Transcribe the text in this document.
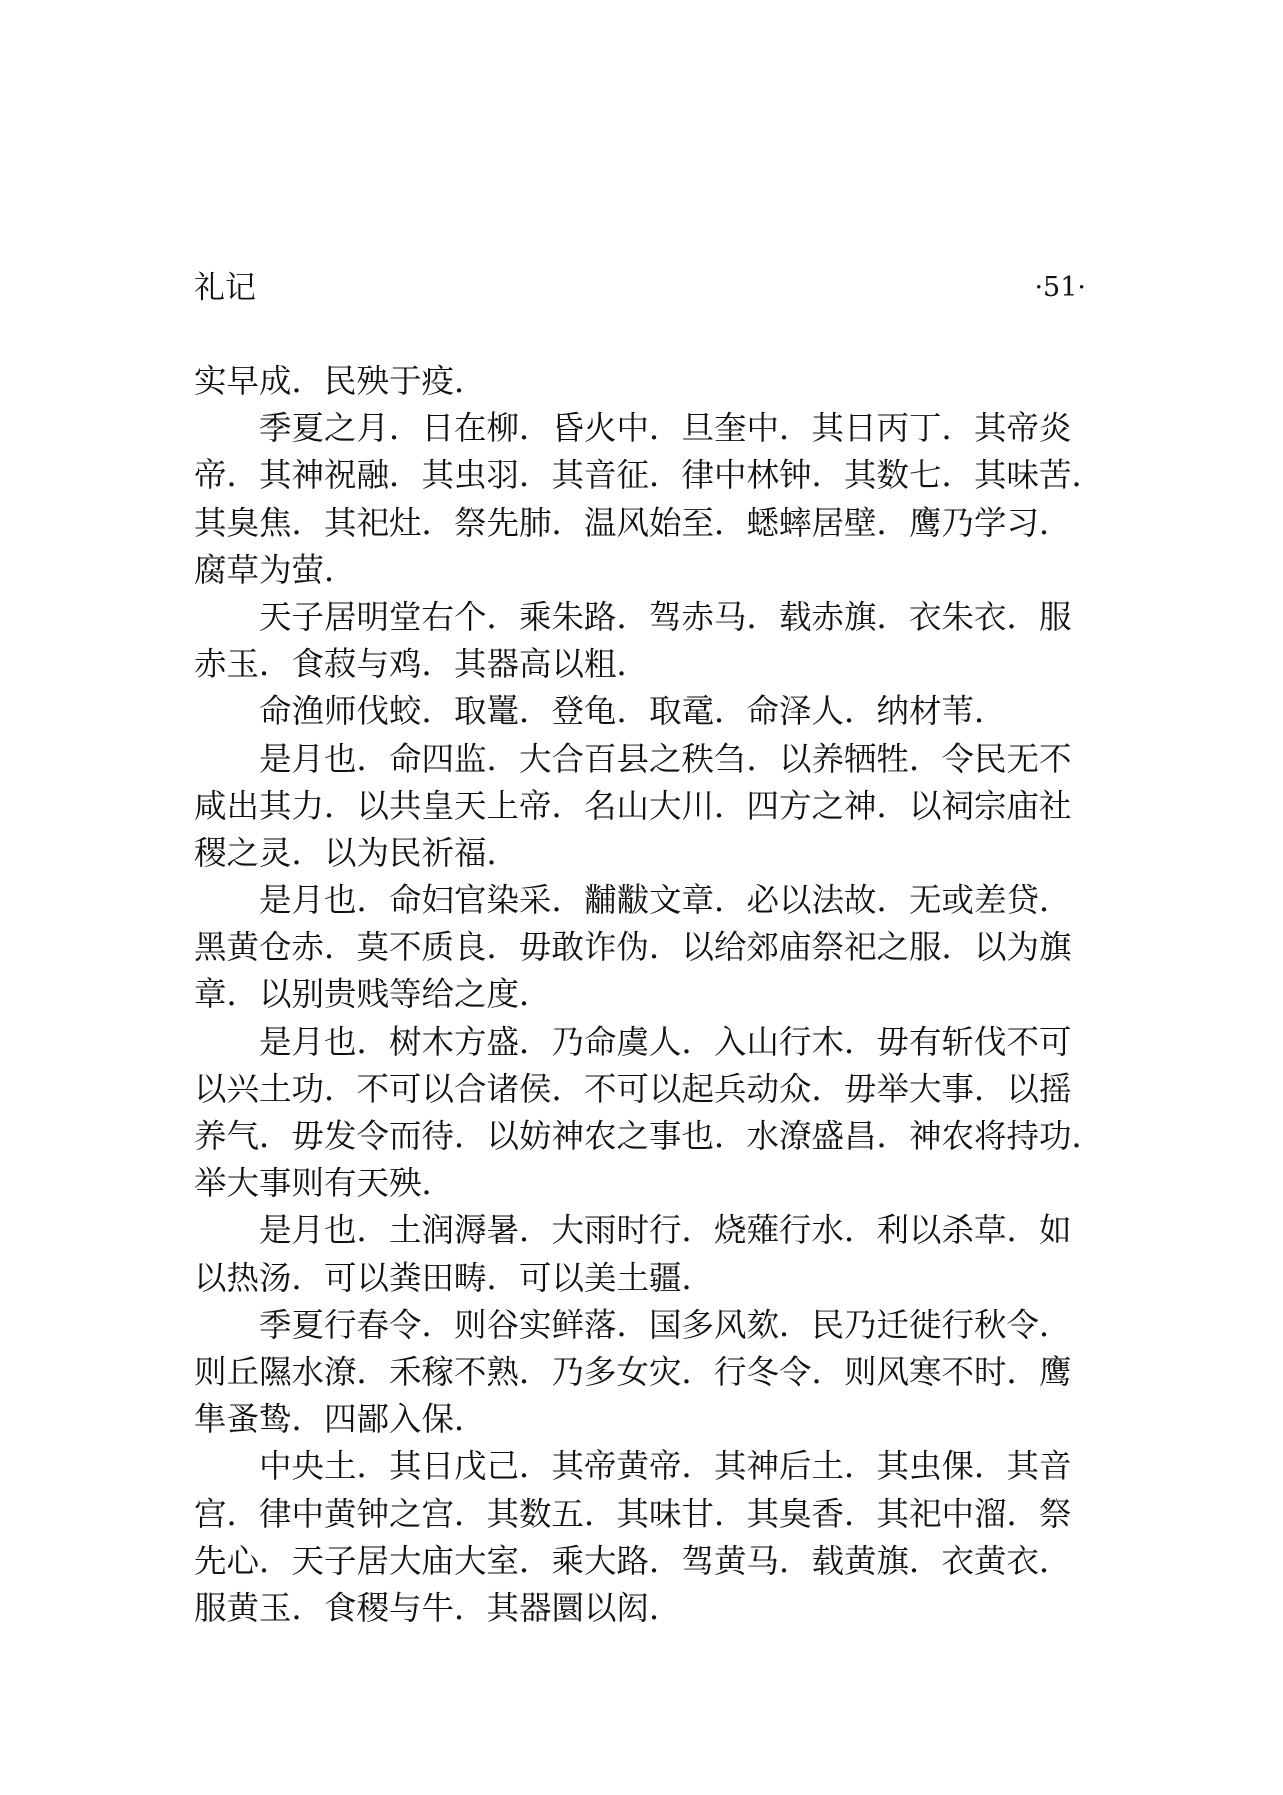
礼记	·51·
实早成．民殃于疫．
季夏之月．日在柳．昏火中．旦奎中．其日丙丁．其帝炎
帝．其神祝融．其虫羽．其音征．律中林钟．其数七．其味苦．
其臭焦．其祀灶．祭先肺．温风始至．蟋蟀居壁．鹰乃学习．
腐草为萤．
天子居明堂右个．乘朱路．驾赤马．载赤旗．衣朱衣．服
赤玉．食菽与鸡．其器高以粗．
命渔师伐蛟．取鼍．登龟．取鼋．命泽人．纳材苇．
是月也．命四监．大合百县之秩刍．以养牺牲．令民无不
咸出其力．以共皇天上帝．名山大川．四方之神．以祠宗庙社
稷之灵．以为民祈福．
是月也．命妇官染采．黼黻文章．必以法故．无或差贷．
黑黄仓赤．莫不质良．毋敢诈伪．以给郊庙祭祀之服．以为旗
章．以别贵贱等给之度．
是月也．树木方盛．乃命虞人．入山行木．毋有斩伐不可
以兴土功．不可以合诸侯．不可以起兵动众．毋举大事．以摇
养气．毋发令而待．以妨神农之事也．水潦盛昌．神农将持功．
举大事则有天殃．
是月也．土润溽暑．大雨时行．烧薙行水．利以杀草．如
以热汤．可以粪田畴．可以美土疆．
季夏行春令．则谷实鲜落．国多风欬．民乃迁徙行秋令．
则丘隰水潦．禾稼不熟．乃多女灾．行冬令．则风寒不时．鹰
隼蚤鸷．四鄙入保．
中央土．其日戊己．其帝黄帝．其神后土．其虫倮．其音
宫．律中黄钟之宫．其数五．其味甘．其臭香．其祀中溜．祭
先心．天子居大庙大室．乘大路．驾黄马．载黄旗．衣黄衣．
服黄玉．食稷与牛．其器圜以闳．
